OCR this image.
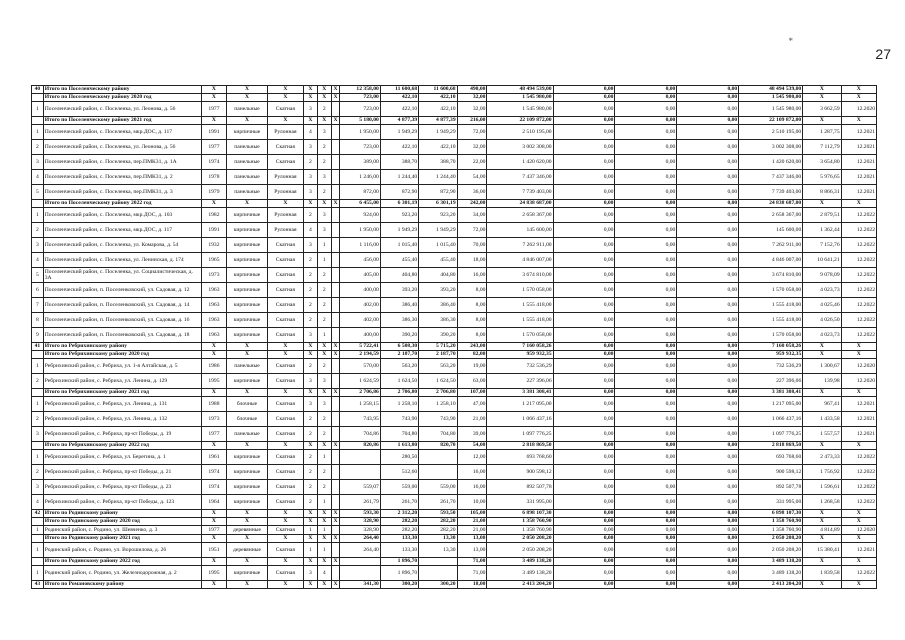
*
27
40	Итого по Поселенческому району	X	X	X	X	X	X	12 358,00	11 600,68	11 600,68	490,00	48 494 539,00	0,00	0,00	0,00	48 494 539,00	X	X
	Итого по Поселенческому району 2020 год	X	X	X	X	X	X	723,00	422,10	422,10	32,00	1 545 980,00	0,00	0,00	0,00	1 545 980,00	X	X
1	Поселенческий район, с. Поселенка, ул. Леонова, д. 56	1977	панельные	Скатная	3	2		723,00	422,10	422,10	32,00	1 545 980,00	0,00	0,00	0,00	1 545 980,00	3 662,59	12.2020
	Итого по Поселенческому району 2021 год	X	X	X	X	X	X	5 180,00	4 877,39	4 877,39	216,00	22 109 872,00	0,00	0,00	0,00	22 109 872,00	X	X
1	Поселенческий район, с. Поселенка, мкр.ДОС, д. 117	1991	кирпичные	Рулонная	4	3		1 950,00	1 949,29	1 949,29	72,00	2 510 195,00	0,00	0,00	0,00	2 510 195,00	1 287,75	12.2021
2	Поселенческий район, с. Поселенка, ул. Леонова, д. 56	1977	панельные	Скатная	3	2		723,00	422,10	422,10	32,00	3 002 308,00	0,00	0,00	0,00	3 002 308,00	7 112,79	12.2021
3	Поселенческий район, с. Поселенка, пер.ПМК31, д. 1А	1974	панельные	Скатная	2	2		389,00	388,70	388,70	22,00	1 420 620,00	0,00	0,00	0,00	1 420 620,00	3 654,80	12.2021
4	Поселенческий район, с. Поселенка, пер.ПМК31, д. 2	1978	панельные	Рулонная	3	3		1 246,00	1 244,40	1 244,40	54,00	7 437 346,00	0,00	0,00	0,00	7 437 346,00	5 976,65	12.2021
5	Поселенческий район, с. Поселенка, пер.ПМК31, д. 3	1979	панельные	Рулонная	3	2		872,00	872,90	872,90	36,00	7 739 403,00	0,00	0,00	0,00	7 739 403,00	8 866,31	12.2021
	Итого по Поселенческому району 2022 год	X	X	X	X	X	X	6 455,00	6 301,19	6 301,19	242,00	24 838 687,00	0,00	0,00	0,00	24 838 687,00	X	X
1	Поселенческий район, с. Поселенка, мкр.ДОС, д. 103	1982	кирпичные	Рулонная	2	3		924,00	923,20	923,20	34,00	2 658 367,00	0,00	0,00	0,00	2 658 367,00	2 879,51	12.2022
2	Поселенческий район, с. Поселенка, мкр.ДОС, д. 117	1991	кирпичные	Рулонная	4	3		1 950,00	1 949,29	1 949,29	72,00	145 600,00	0,00	0,00	0,00	145 600,00	1 362,44	12.2022
3	Поселенческий район, с. Поселенка, ул. Комарова, д. 54	1932	кирпичные	Скатная	3	1		1 116,00	1 015,40	1 015,40	70,00	7 262 911,00	0,00	0,00	0,00	7 262 911,00	7 152,76	12.2022
4	Поселенческий район, с. Поселенка, ул. Ленинская, д. 174	1965	кирпичные	Скатная	2	1		456,00	455,40	455,40	18,00	4 846 007,00	0,00	0,00	0,00	4 846 007,00	10 641,21	12.2022
5	Поселенческий район, с. Поселенка, ул. Социалистическая, д. 3А	1973	кирпичные	Скатная	2	2		405,00	404,80	404,80	16,00	3 674 810,00	0,00	0,00	0,00	3 674 810,00	9 078,09	12.2022
6	Поселенческий район, п. Поселенковский, ул. Садовая, д. 12	1963	кирпичные	Скатная	2	2		400,00	393,20	393,20	8,00	1 570 058,00	0,00	0,00	0,00	1 570 058,00	4 023,73	12.2022
7	Поселенческий район, п. Поселенковский, ул. Садовая, д. 14	1963	кирпичные	Скатная	2	2		402,00	386,40	386,40	8,00	1 555 418,00	0,00	0,00	0,00	1 555 418,00	4 025,46	12.2022
8	Поселенческий район, п. Поселенковский, ул. Садовая, д. 16	1963	кирпичные	Скатная	2	2		402,00	386,30	386,30	8,00	1 555 418,00	0,00	0,00	0,00	1 555 418,00	4 026,50	12.2022
9	Поселенческий район, п. Поселенковский, ул. Садовая, д. 18	1963	кирпичные	Скатная	3	1		400,00	390,20	390,20	8,00	1 570 058,00	0,00	0,00	0,00	1 570 058,00	4 023,73	12.2022
41	Итого по Ребрихинскому району	X	X	X	X	X	X	5 722,41	6 508,30	5 715,20	243,00	7 160 058,26	0,00	0,00	0,00	7 160 058,26	X	X
	Итого по Ребрихинскому району 2020 год	X	X	X	X	X	X	2 194,59	2 187,70	2 187,70	82,00	959 932,35	0,00	0,00	0,00	959 932,35	X	X
1	Ребрихинский район, с. Ребриха, ул. 1-я Алтайская, д. 5	1986	панельные	Скатная	2	2		570,00	563,20	563,20	19,00	732 536,29	0,00	0,00	0,00	732 536,29	1 300,67	12.2020
2	Ребрихинский район, с. Ребриха, ул. Ленина, д. 129	1995	кирпичные	Скатная	3	3		1 624,59	1 624,50	1 624,50	63,00	227 396,06	0,00	0,00	0,00	227 396,06	139,98	12.2020
	Итого по Ребрихинскому району 2021 год	X	X	X	X	X	X	2 706,86	2 706,80	2 706,80	107,00	3 381 308,41	0,00	0,00	0,00	3 381 308,41	X	X
1	Ребрихинский район, с. Ребриха, ул. Ленина, д. 131	1988	блочные	Скатная	3	3		1 258,15	1 258,10	1 258,10	47,00	1 217 095,00	0,00	0,00	0,00	1 217 095,00	967,41	12.2021
2	Ребрихинский район, с. Ребриха, ул. Ленина, д. 132	1973	блочные	Скатная	2	2		743,95	743,90	743,90	21,00	1 066 437,16	0,00	0,00	0,00	1 066 437,16	1 433,58	12.2021
3	Ребрихинский район, с. Ребриха, пр-кт Победы, д. 19	1977	панельные	Скатная	2	2		704,86	704,80	704,80	39,00	1 097 776,25	0,00	0,00	0,00	1 097 776,25	1 557,57	12.2021
	Итого по Ребрихинскому району 2022 год	X	X	X	X	X	X	820,86	1 613,80	820,70	54,00	2 818 869,50	0,00	0,00	0,00	2 818 869,50	X	X
1	Ребрихинский район, с. Ребриха, ул. Берегина, д. 1	1961	кирпичные	Скатная	2	1			280,50		12,00	693 768,60	0,00	0,00	0,00	693 768,60	2 473,33	12.2022
2	Ребрихинский район, с. Ребриха, пр-кт Победы, д. 21	1974	кирпичные	Скатная	2	2			512,60		16,00	900 598,12	0,00	0,00	0,00	900 598,12	1 756,92	12.2022
3	Ребрихинский район, с. Ребриха, пр-кт Победы, д. 23	1974	кирпичные	Скатная	2	2		559,07	559,00	559,00	16,00	892 507,78	0,00	0,00	0,00	892 507,78	1 596,61	12.2022
4	Ребрихинский район, с. Ребриха, пр-кт Победы, д. 123	1964	кирпичные	Скатная	2	1		261,79	261,70	261,70	10,00	331 995,00	0,00	0,00	0,00	331 995,00	1 268,58	12.2022
42	Итого по Родинскому району	X	X	X	X	X	X	593,30	2 312,20	593,50	105,00	6 898 107,30	0,00	0,00	0,00	6 898 107,30	X	X
	Итого по Родинскому району 2020 год	X	X	X	X	X	X	328,90	282,20	282,20	21,00	1 358 760,90	0,00	0,00	0,00	1 358 760,90	X	X
1	Родинский район, с. Родино, ул. Шевченко, д. 3	1977	деревянные	Скатная	1	1		328,90	282,20	282,20	21,00	1 358 760,90	0,00	0,00	0,00	1 358 760,90	4 814,89	12.2020
	Итого по Родинскому району 2021 год	X	X	X	X	X	X	264,40	133,30	13,30	13,00	2 050 208,20	0,00	0,00	0,00	2 050 208,20	X	X
1	Родинский район, с. Родино, ул. Ворошилова, д. 26	1951	деревянные	Скатная	1	1		264,40	133,30	13,30	13,00	2 050 208,20	0,00	0,00	0,00	2 050 208,20	15 380,41	12.2021
	Итого по Родинскому району 2022 год	X	X	X	X	X	X		1 896,70		71,00	3 489 138,20	0,00	0,00	0,00	3 489 138,20	X	X
1	Родинский район, с. Родино, ул. Железнодорожная, д. 2	1995	кирпичные	Скатная	3	4			1 896,70		71,00	3 489 138,20	0,00	0,00	0,00	3 489 138,20	1 839,58	12.2022
43	Итого по Романовскому району	X	X	X	X	X	X	341,30	300,20	300,20	18,00	2 413 204,20	0,00	0,00	0,00	2 413 204,20	X	X
